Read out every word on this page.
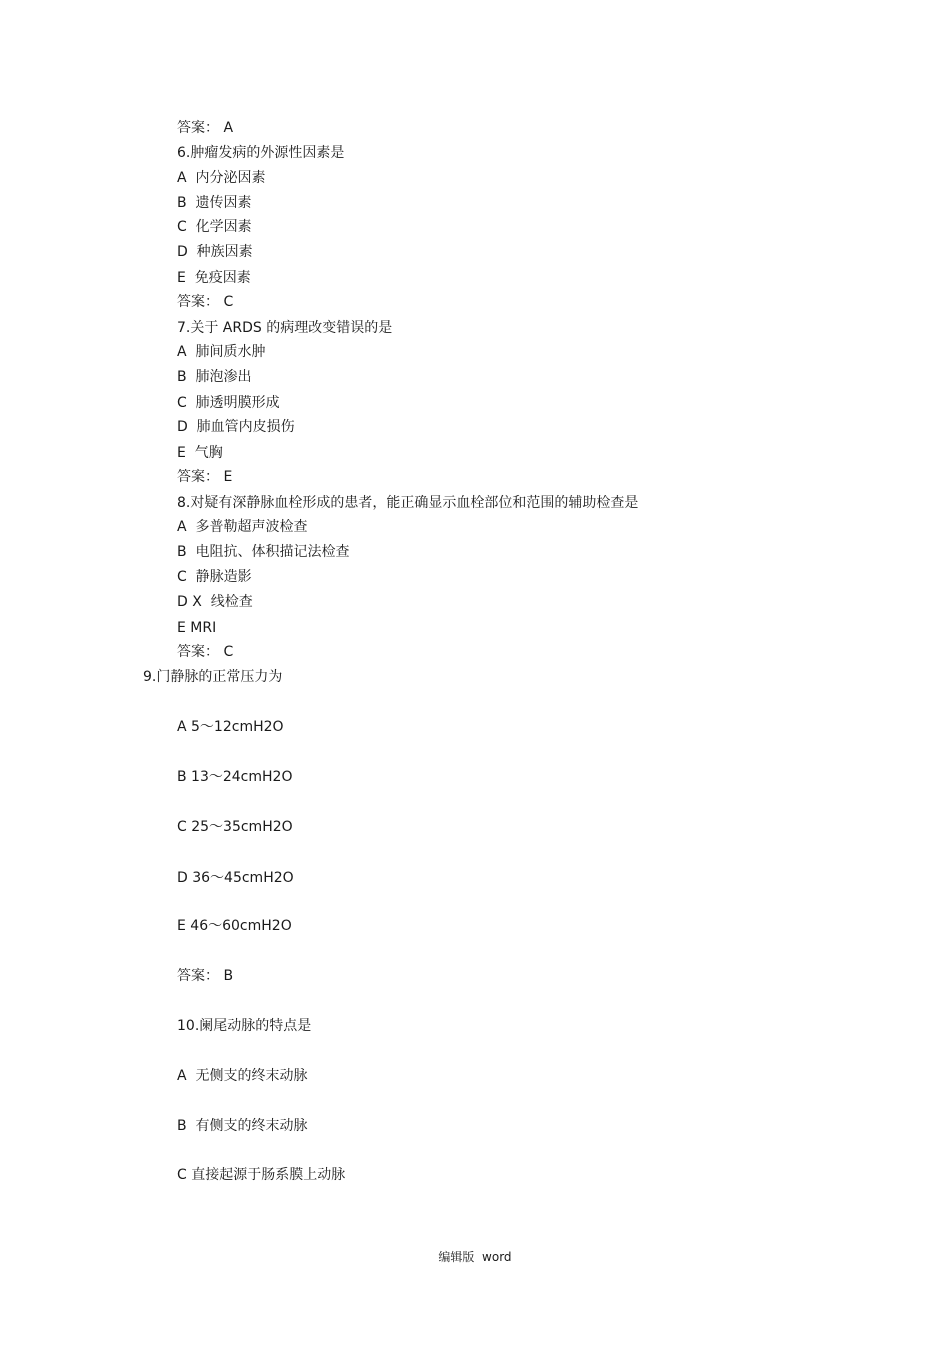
答案： A
6.肿瘤发病的外源性因素是
A  内分泌因素
B  遗传因素
C  化学因素
D  种族因素
E  免疫因素
答案： C
7.关于 ARDS 的病理改变错误的是
A  肺间质水肿
B  肺泡渗出
C  肺透明膜形成
D  肺血管内皮损伤
E  气胸
答案： E
8.对疑有深静脉血栓形成的患者，能正确显示血栓部位和范围的辅助检查是
A  多普勒超声波检查
B  电阻抗、体积描记法检查
C  静脉造影
D X  线检查
E MRI
答案： C
9.门静脉的正常压力为
A 5～12cmH2O
B 13～24cmH2O
C 25～35cmH2O
D 36～45cmH2O
E 46～60cmH2O
答案： B
10.阑尾动脉的特点是
A  无侧支的终末动脉
B  有侧支的终末动脉
C 直接起源于肠系膜上动脉
编辑版  word
